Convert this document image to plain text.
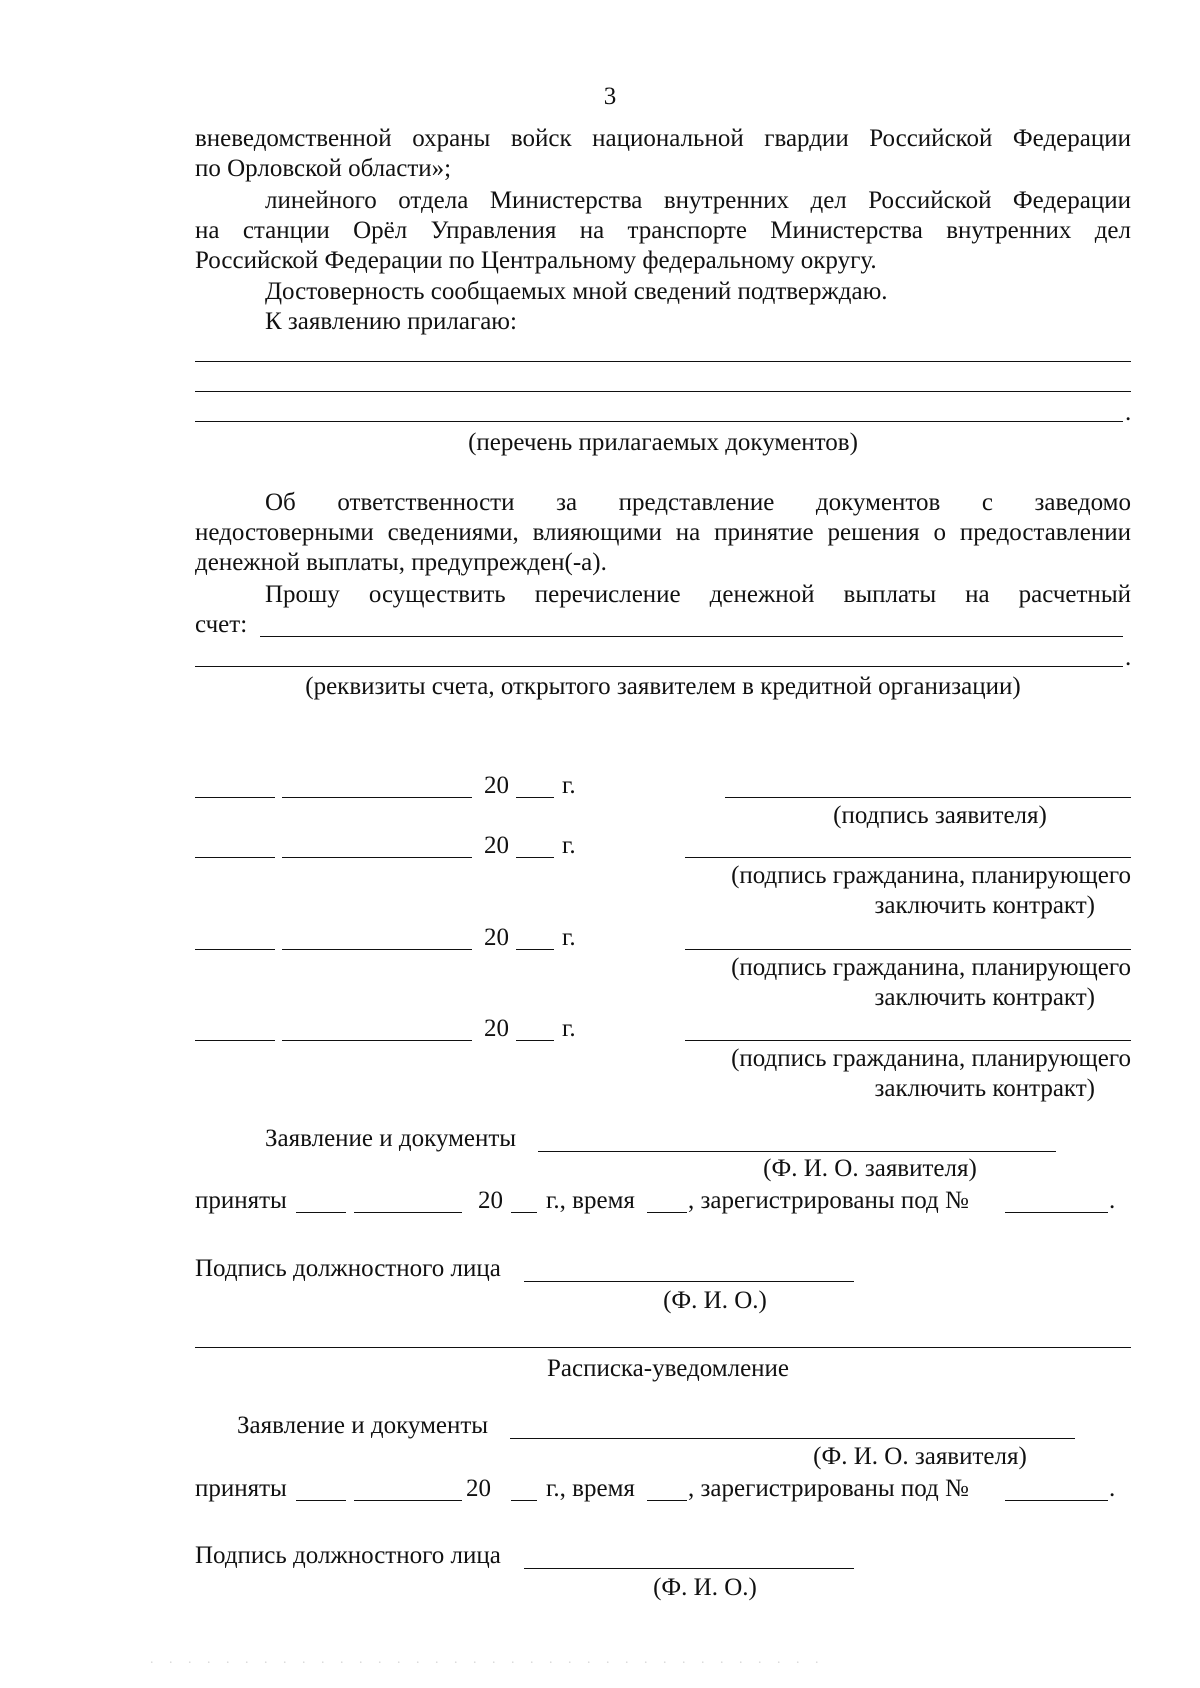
3
вневедомственной охраны войск национальной гвардии Российской Федерации
по Орловской области»;
линейного отдела Министерства внутренних дел Российской Федерации
на станции Орёл Управления на транспорте Министерства внутренних дел
Российской Федерации по Центральному федеральному округу.
Достоверность сообщаемых мной сведений подтверждаю.
К заявлению прилагаю:
.
(перечень прилагаемых документов)
Об ответственности за представление документов с заведомо
недостоверными сведениями, влияющими на принятие решения о предоставлении
денежной выплаты, предупрежден(-а).
Прошу осуществить перечисление денежной выплаты на расчетный
счет:
.
(реквизиты счета, открытого заявителем в кредитной организации)
20 г.
(подпись заявителя)
20 г.
(подпись гражданина, планирующего
заключить контракт)
20 г.
(подпись гражданина, планирующего
заключить контракт)
20 г.
(подпись гражданина, планирующего
заключить контракт)
Заявление и документы
(Ф. И. О. заявителя)
приняты	20 г., время , зарегистрированы под №	.
Подпись должностного лица
(Ф. И. О.)
Расписка-уведомление
Заявление и документы
(Ф. И. О. заявителя)
приняты	20 г., время , зарегистрированы под №	.
Подпись должностного лица
(Ф. И. О.)
. . . . . . . . . . . . . . . . . . . . . . . . . . . . . . . . . . . .
